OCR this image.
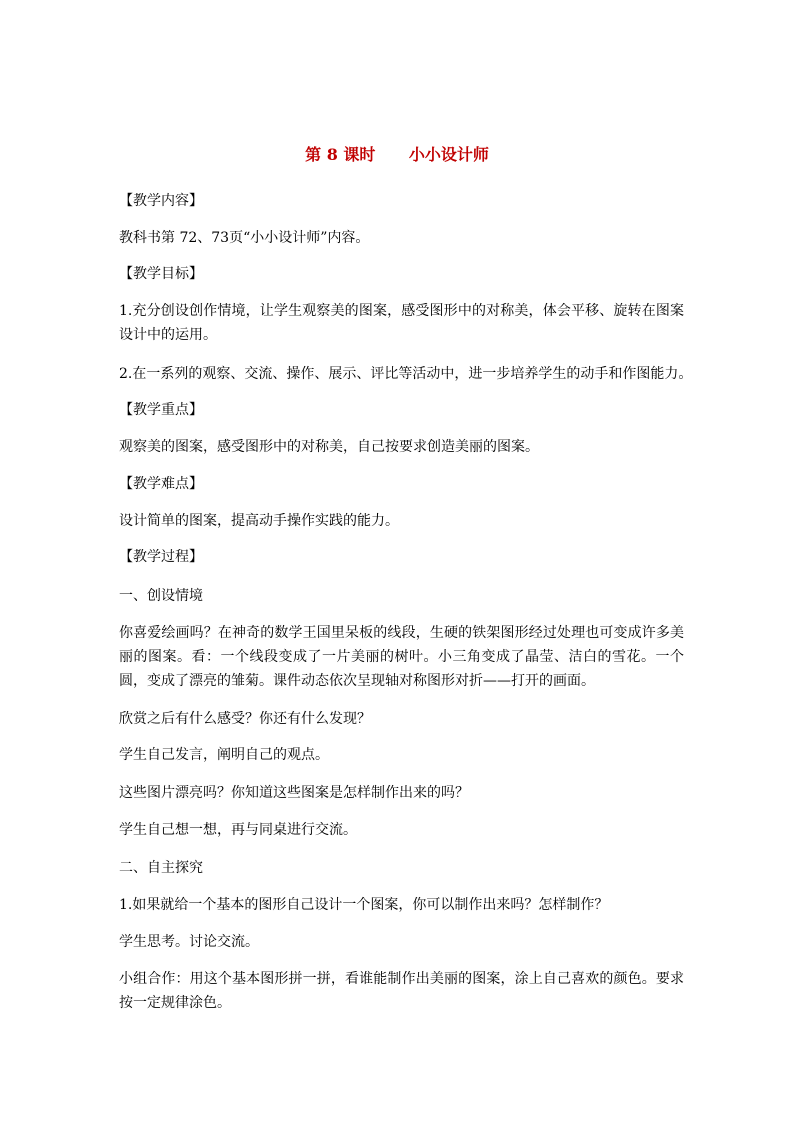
第 8 课时 小小设计师
【教学内容】
教科书第 72、73页“小小设计师”内容。
【教学目标】
1.充分创设创作情境，让学生观察美的图案，感受图形中的对称美，体会平移、旋转在图案设计中的运用。
2.在一系列的观察、交流、操作、展示、评比等活动中，进一步培养学生的动手和作图能力。
【教学重点】
观察美的图案，感受图形中的对称美，自己按要求创造美丽的图案。
【教学难点】
设计简单的图案，提高动手操作实践的能力。
【教学过程】
一、创设情境
你喜爱绘画吗？在神奇的数学王国里呆板的线段，生硬的铁架图形经过处理也可变成许多美丽的图案。看：一个线段变成了一片美丽的树叶。小三角变成了晶莹、洁白的雪花。一个圆，变成了漂亮的雏菊。课件动态依次呈现轴对称图形对折——打开的画面。
欣赏之后有什么感受？你还有什么发现？
学生自己发言，阐明自己的观点。
这些图片漂亮吗？你知道这些图案是怎样制作出来的吗？
学生自己想一想，再与同桌进行交流。
二、自主探究
1.如果就给一个基本的图形自己设计一个图案，你可以制作出来吗？怎样制作？
学生思考。讨论交流。
小组合作：用这个基本图形拼一拼，看谁能制作出美丽的图案，涂上自己喜欢的颜色。要求按一定规律涂色。
